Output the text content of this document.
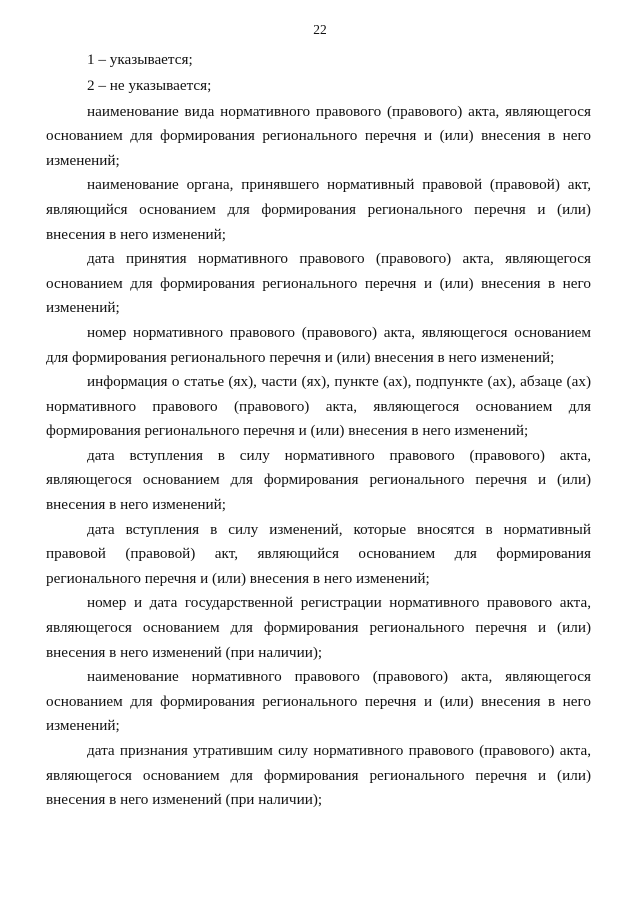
22

1 – указывается;

2 – не указывается;

наименование вида нормативного правового (правового) акта, являющегося основанием для формирования регионального перечня и (или) внесения в него изменений;

наименование органа, принявшего нормативный правовой (правовой) акт, являющийся основанием для формирования регионального перечня и (или) внесения в него изменений;

дата принятия нормативного правового (правового) акта, являющегося основанием для формирования регионального перечня и (или) внесения в него изменений;

номер нормативного правового (правового) акта, являющегося основанием для формирования регионального перечня и (или) внесения в него изменений;

информация о статье (ях), части (ях), пункте (ах), подпункте (ах), абзаце (ах) нормативного правового (правового) акта, являющегося основанием для формирования регионального перечня и (или) внесения в него изменений;

дата вступления в силу нормативного правового (правового) акта, являющегося основанием для формирования регионального перечня и (или) внесения в него изменений;

дата вступления в силу изменений, которые вносятся в нормативный правовой (правовой) акт, являющийся основанием для формирования регионального перечня и (или) внесения в него изменений;

номер и дата государственной регистрации нормативного правового акта, являющегося основанием для формирования регионального перечня и (или) внесения в него изменений (при наличии);

наименование нормативного правового (правового) акта, являющегося основанием для формирования регионального перечня и (или) внесения в него изменений;

дата признания утратившим силу нормативного правового (правового) акта, являющегося основанием для формирования регионального перечня и (или) внесения в него изменений (при наличии);
